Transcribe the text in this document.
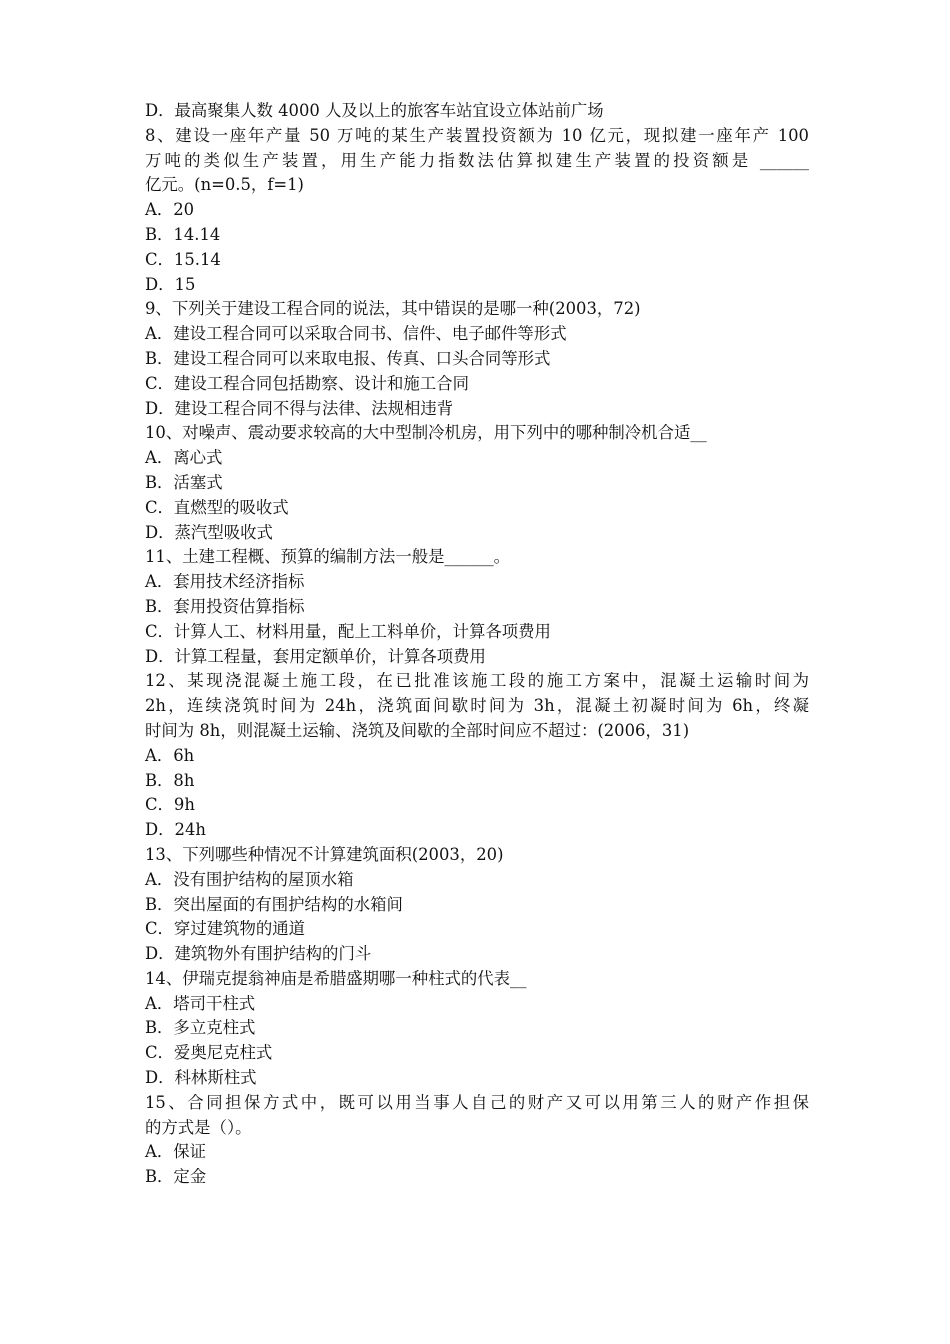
D．最高聚集人数 4000 人及以上的旅客车站宜设立体站前广场
8、建设一座年产量 50 万吨的某生产装置投资额为 10 亿元，现拟建一座年产 100
万吨的类似生产装置，用生产能力指数法估算拟建生产装置的投资额是 ______
亿元。(n=0.5，f=1)
A．20
B．14.14
C．15.14
D．15
9、下列关于建设工程合同的说法，其中错误的是哪一种(2003，72)
A．建设工程合同可以采取合同书、信件、电子邮件等形式
B．建设工程合同可以来取电报、传真、口头合同等形式
C．建设工程合同包括勘察、设计和施工合同
D．建设工程合同不得与法律、法规相违背
10、对噪声、震动要求较高的大中型制冷机房，用下列中的哪种制冷机合适__
A．离心式
B．活塞式
C．直燃型的吸收式
D．蒸汽型吸收式
11、土建工程概、预算的编制方法一般是______。
A．套用技术经济指标
B．套用投资估算指标
C．计算人工、材料用量，配上工料单价，计算各项费用
D．计算工程量，套用定额单价，计算各项费用
12、某现浇混凝土施工段，在已批准该施工段的施工方案中，混凝土运输时间为
2h，连续浇筑时间为 24h，浇筑面间歇时间为 3h，混凝土初凝时间为 6h，终凝
时间为 8h，则混凝土运输、浇筑及间歇的全部时间应不超过：(2006，31)
A．6h
B．8h
C．9h
D．24h
13、下列哪些种情况不计算建筑面积(2003，20)
A．没有围护结构的屋顶水箱
B．突出屋面的有围护结构的水箱间
C．穿过建筑物的通道
D．建筑物外有围护结构的门斗
14、伊瑞克提翁神庙是希腊盛期哪一种柱式的代表__
A．塔司干柱式
B．多立克柱式
C．爱奥尼克柱式
D．科林斯柱式
15、合同担保方式中，既可以用当事人自己的财产又可以用第三人的财产作担保
的方式是（）。
A．保证
B．定金
